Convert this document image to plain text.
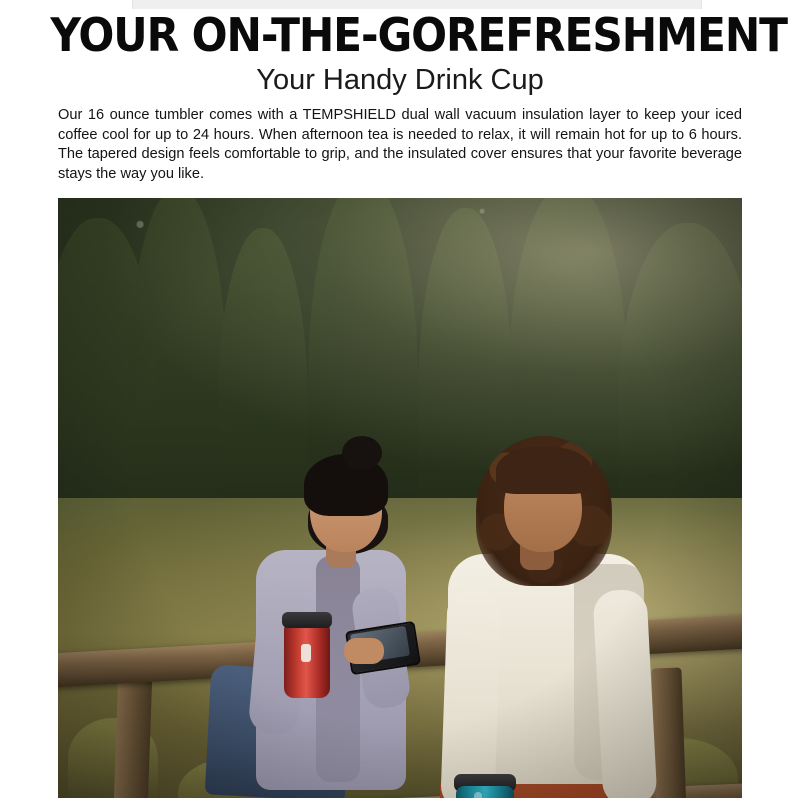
YOUR ON-THE-GOREFRESHMENT
Your Handy Drink Cup

Our 16 ounce tumbler comes with a TEMPSHIELD dual wall vacuum insulation layer to keep your iced coffee cool for up to 24 hours. When afternoon tea is needed to relax, it will remain hot for up to 6 hours. The tapered design feels comfortable to grip, and the insulated cover ensures that your favorite beverage stays the way you like.
